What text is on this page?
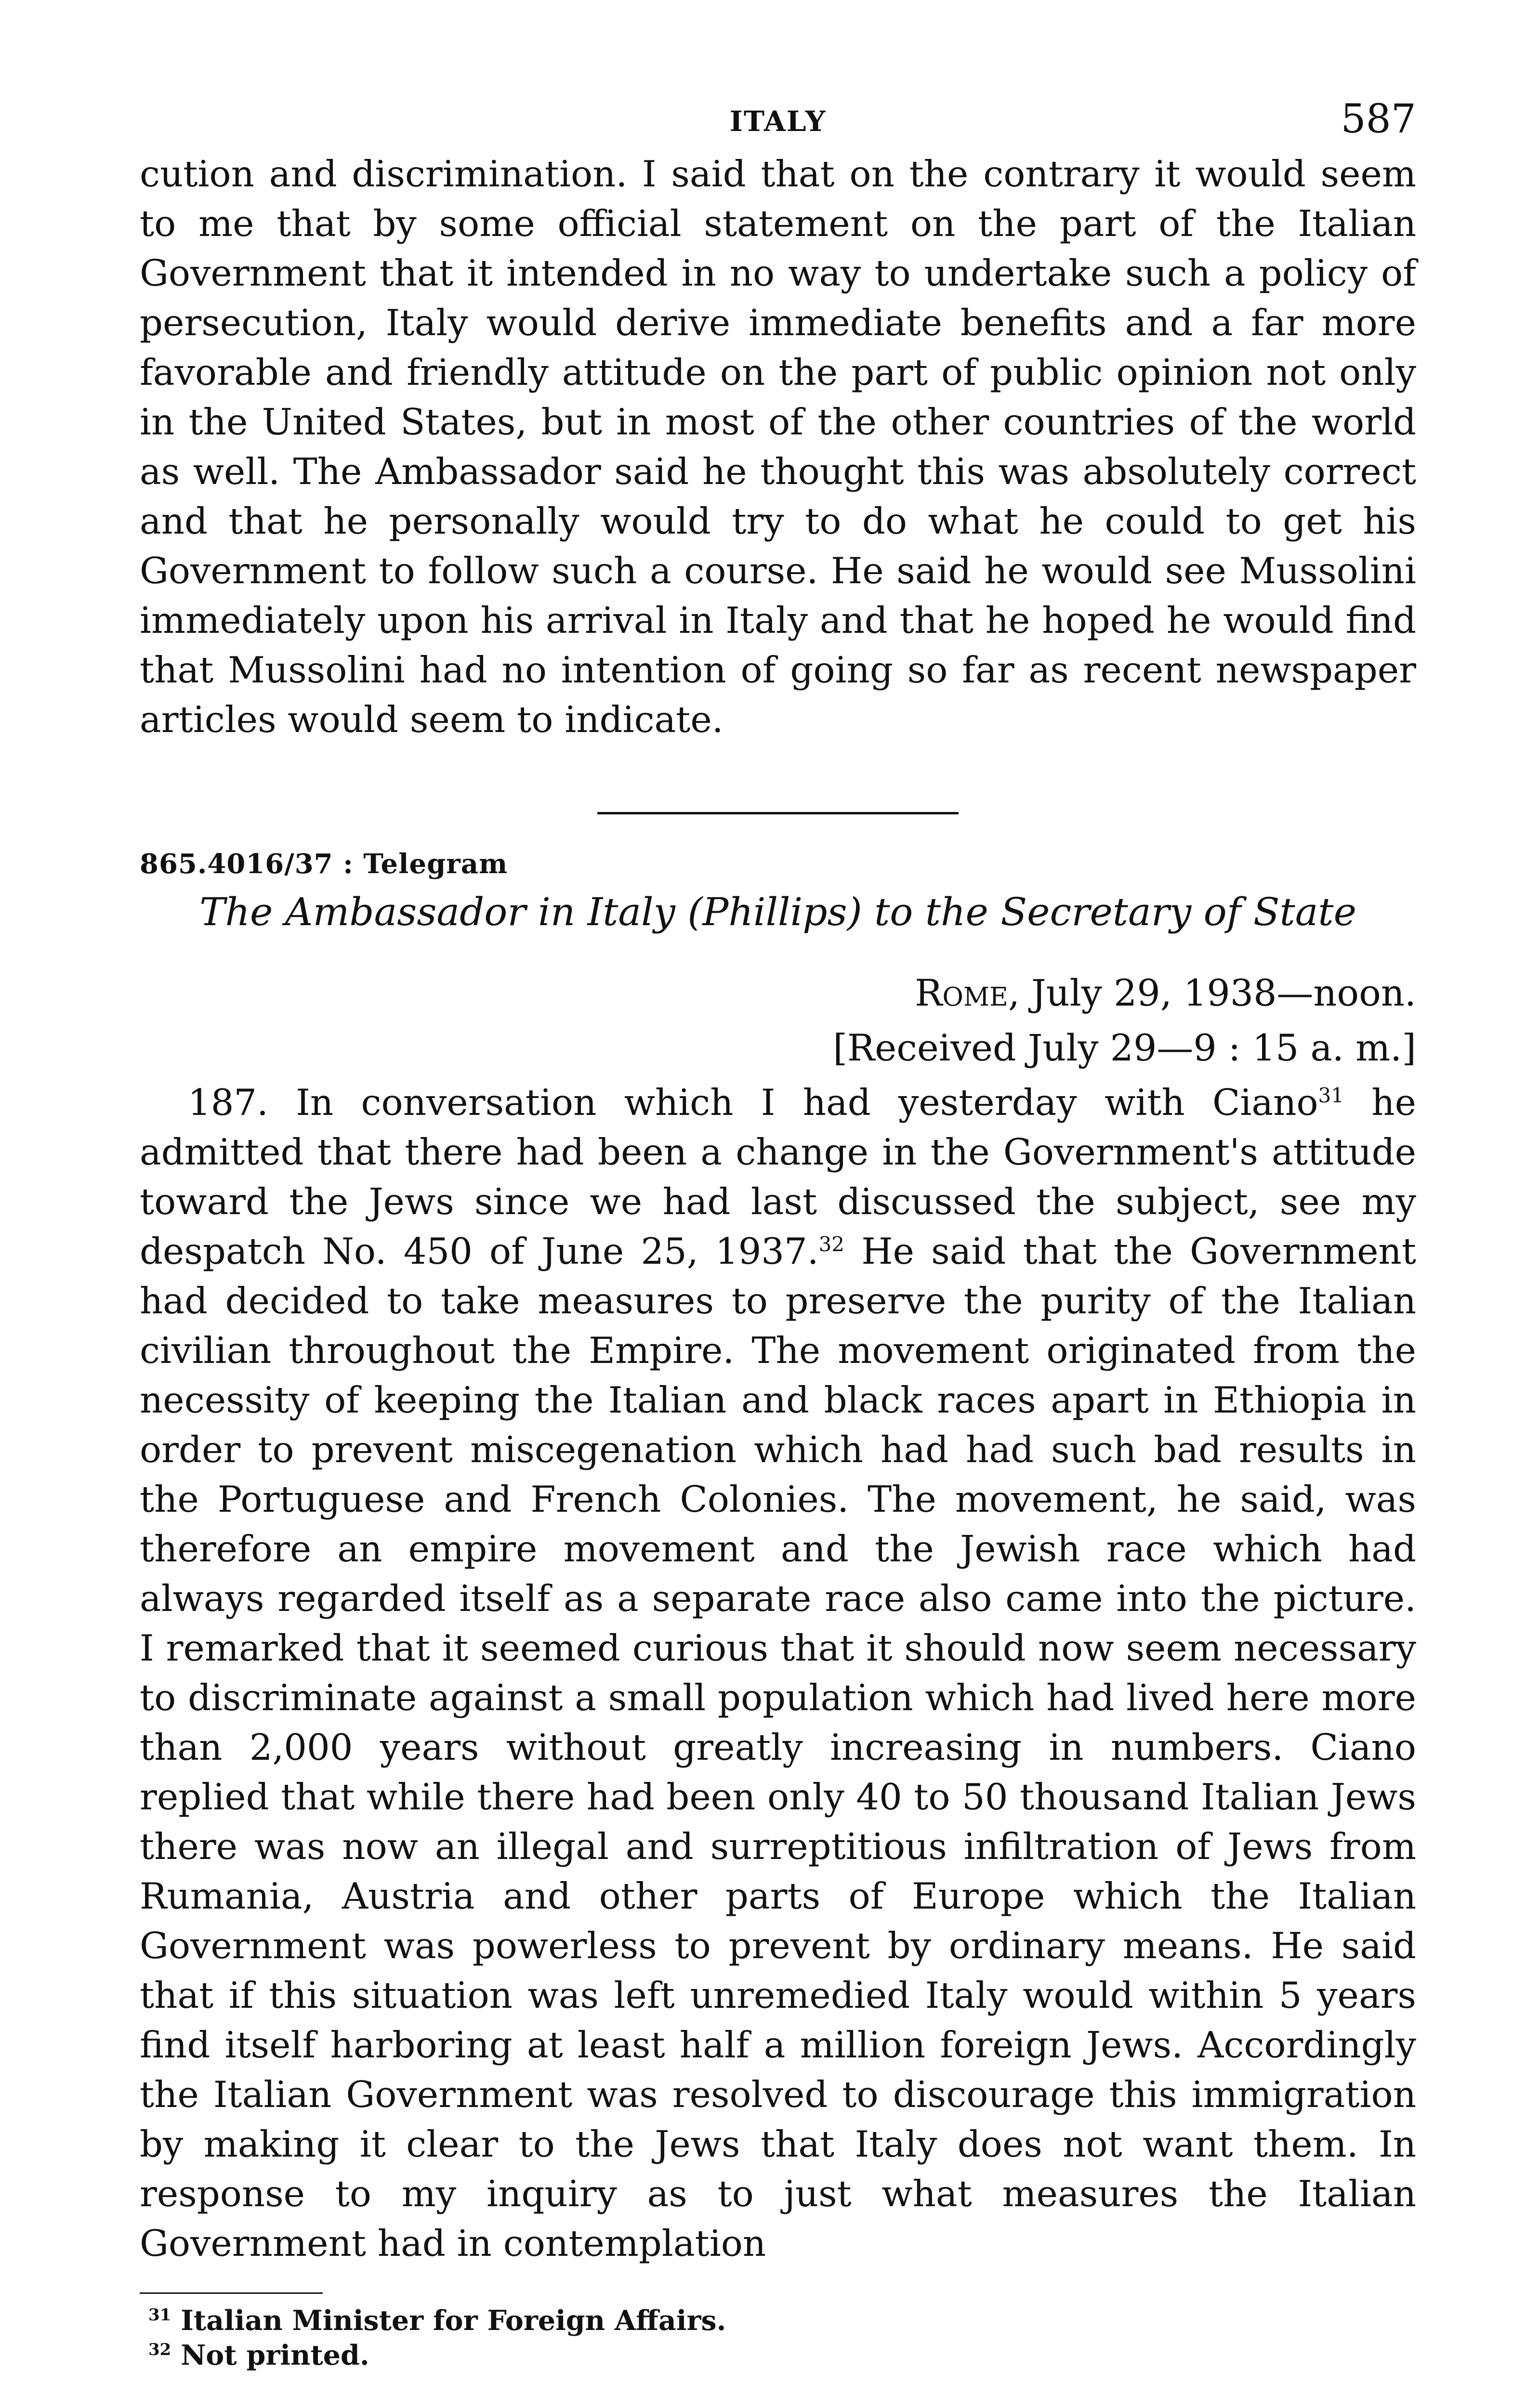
ITALY	587

cution and discrimination. I said that on the contrary it would seem to me that by some official statement on the part of the Italian Government that it intended in no way to undertake such a policy of persecution, Italy would derive immediate benefits and a far more favorable and friendly attitude on the part of public opinion not only in the United States, but in most of the other countries of the world as well. The Ambassador said he thought this was absolutely correct and that he personally would try to do what he could to get his Government to follow such a course. He said he would see Mussolini immediately upon his arrival in Italy and that he hoped he would find that Mussolini had no intention of going so far as recent newspaper articles would seem to indicate.

865.4016/37 : Telegram

The Ambassador in Italy (Phillips) to the Secretary of State

Rome, July 29, 1938—noon.

[Received July 29—9 : 15 a. m.]

187. In conversation which I had yesterday with Ciano$^{31}$ he admitted that there had been a change in the Government's attitude toward the Jews since we had last discussed the subject, see my despatch No. 450 of June 25, 1937.32 He said that the Government had decided to take measures to preserve the purity of the Italian civilian throughout the Empire. The movement originated from the necessity of keeping the Italian and black races apart in Ethiopia in order to prevent miscegenation which had had such bad results in the Portuguese and French Colonies. The movement, he said, was therefore an empire movement and the Jewish race which had always regarded itself as a separate race also came into the picture. I remarked that it seemed curious that it should now seem necessary to discriminate against a small population which had lived here more than 2,000 years without greatly increasing in numbers. Ciano replied that while there had been only 40 to 50 thousand Italian Jews there was now an illegal and surreptitious infiltration of Jews from Rumania, Austria and other parts of Europe which the Italian Government was powerless to prevent by ordinary means. He said that if this situation was left unremedied Italy would within 5 years find itself harboring at least half a million foreign Jews. Accordingly the Italian Government was resolved to discourage this immigration by making it clear to the Jews that Italy does not want them. In response to my inquiry as to just what measures the Italian Government had in contemplation

$^{31}$ Italian Minister for Foreign Affairs.

$^{32}$ Not printed.
